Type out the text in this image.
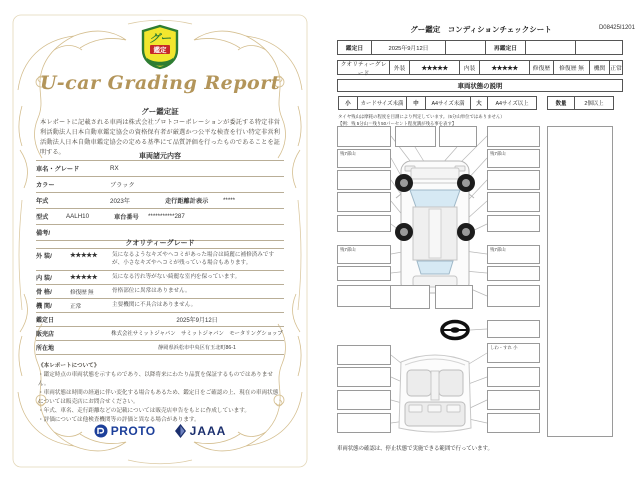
グー
鑑定
U-car Grading Report
グー鑑定証
本レポートに記載される車両は株式会社プロトコーポレーションが委託する特定非営利活動法人日本自動車鑑定協会の資格保有者が厳選かつ公平な検査を行い特定非営利活動法人日本自動車鑑定協会の定める基準にて品質評価を行ったものであることを証明する。
車両諸元内容
車名・グレード	RX
カラー	ブラック
年式	2023年	走行距離計表示	*****
型式	AALH10	車台番号	***********287
備考/
クオリティーグレード
外 装/	★★★★★	気になるようなキズやヘコミがあった場合は綺麗に補修済みですが、小さなキズやヘコミが残っている場合もあります。
内 装/	★★★★★	気になる汚れ等がない綺麗な室内を保っています。
骨 格/	修復歴 無	骨格部位に異常はありません。
機 関/	正常	主要機関に不具合はありません。
鑑定日	2025年9月12日
販売店	株式会社サミットジャパン　サミットジャパン　モータリングショップ
所在地	静岡県浜松市中央区有玉北町86-1
《本レポートについて》
・鑑定時点の車両状態を示すものであり、以降将来にわたり品質を保証するものではありません。
・車両状態は時間の経過に伴い変化する場合もあるため、鑑定日をご確認の上、現在の車両状態については販売店にお問合せください。
・年式、車名、走行距離などの記載については販売店申告をもとに作成しています。
・評価については他検査機関等の評価と異なる場合があります。
PROTO	JAAA
グー鑑定　コンディションチェックシート	D08425I1201
鑑定日	2025年9月12日	再鑑定日
クオリティーグレード
外装	★★★★★	内装	★★★★★	修復歴	修復歴 無	機関 正常
車両状態の説明
小	カードサイズ未満	中	A4サイズ未満	大	A4サイズ以上	数量	2個以上
タイヤ残山は摩耗の程度を目測により判定しています。（5分山単位ではありません）
【例：残 5分山＝残り50パーセント程度溝が残る事を表す】
残7部山
残7部山
残7部山
残7部山
しわ・すれ 小
車両状態の確認は、停止状態で実施できる範囲で行っています。
